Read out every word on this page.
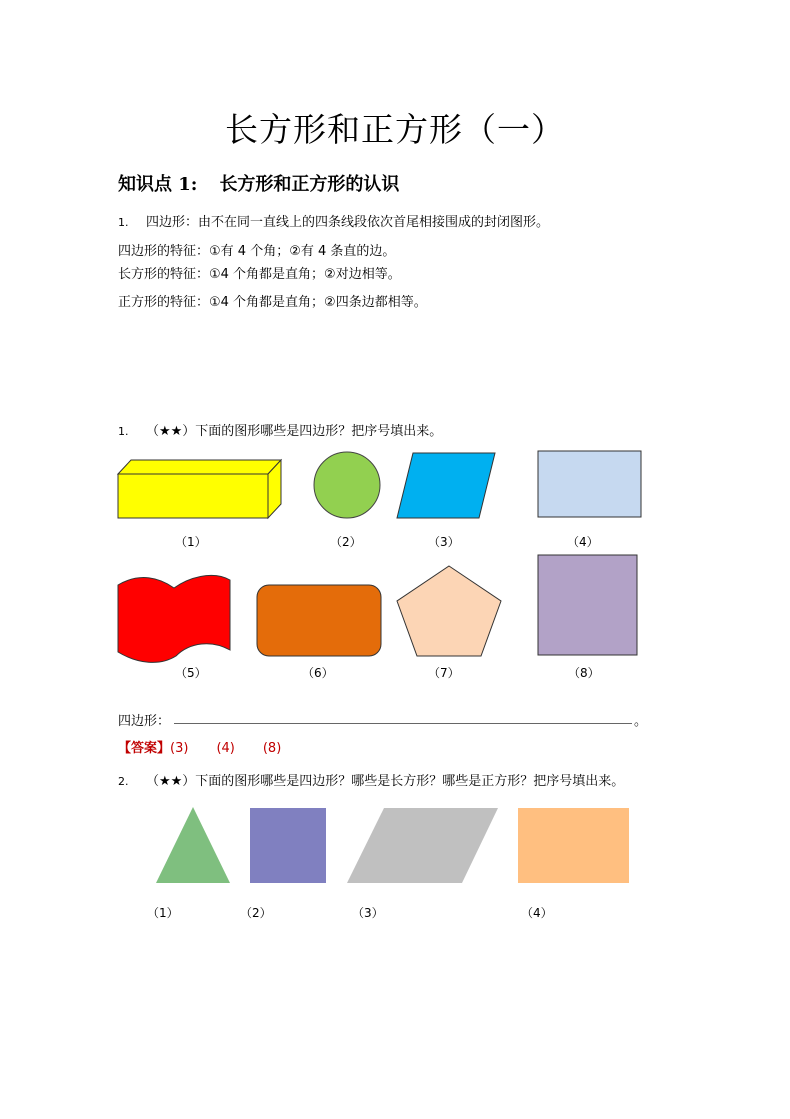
长方形和正方形（一）
知识点 1: 长方形和正方形的认识
1. 四边形：由不在同一直线上的四条线段依次首尾相接围成的封闭图形。
四边形的特征：①有 4 个角；②有 4 条直的边。
长方形的特征：①4 个角都是直角；②对边相等。
正方形的特征：①4 个角都是直角；②四条边都相等。
1. （★★）下面的图形哪些是四边形？把序号填出来。
（1）	（2）	（3）	（4）
（5）	（6）	（7）	（8）
四边形：	。
【答案】(3) (4) (8)
2. （★★）下面的图形哪些是四边形？哪些是长方形？哪些是正方形？把序号填出来。
（1）	（2）	（3）	（4）
